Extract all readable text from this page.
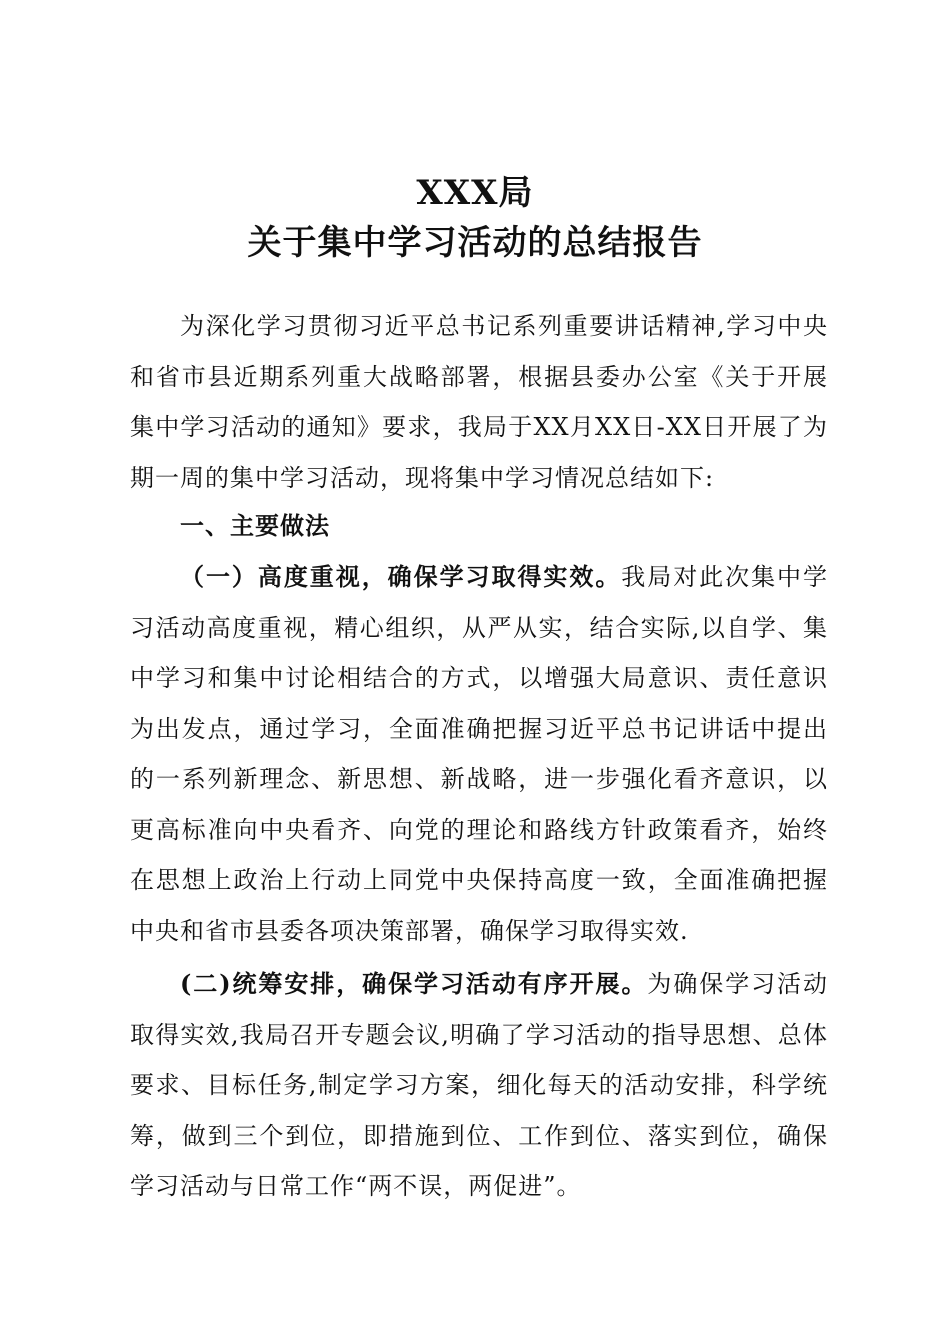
XXX局
关于集中学习活动的总结报告

为深化学习贯彻习近平总书记系列重要讲话精神,学习中央和省市县近期系列重大战略部署，根据县委办公室《关于开展集中学习活动的通知》要求，我局于XX月XX日-XX日开展了为期一周的集中学习活动，现将集中学习情况总结如下:

一、主要做法

（一）高度重视，确保学习取得实效。我局对此次集中学习活动高度重视，精心组织，从严从实，结合实际,以自学、集中学习和集中讨论相结合的方式，以增强大局意识、责任意识为出发点，通过学习，全面准确把握习近平总书记讲话中提出的一系列新理念、新思想、新战略，进一步强化看齐意识，以更高标准向中央看齐、向党的理论和路线方针政策看齐，始终在思想上政治上行动上同党中央保持高度一致，全面准确把握中央和省市县委各项决策部署，确保学习取得实效.

(二)统筹安排，确保学习活动有序开展。为确保学习活动取得实效,我局召开专题会议,明确了学习活动的指导思想、总体要求、目标任务,制定学习方案，细化每天的活动安排，科学统筹，做到三个到位，即措施到位、工作到位、落实到位，确保学习活动与日常工作“两不误，两促进”。
